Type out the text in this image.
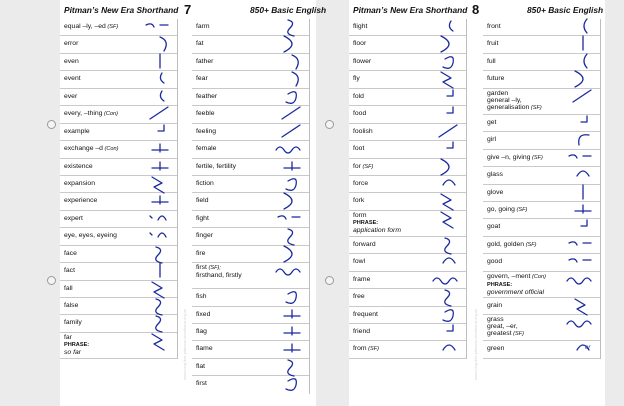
Pitman’s New Era Shorthand 7	850+ Basic English
equal –ly, –ed (SF)
error
even
event
ever
every, –thing (Con)
example
exchange –d (Con)
existence
expansion
experience
expert
eye, eyes, eyeing
face
fact
fall
false
family
far
PHRASE:
so far
farm
fat
father
fear
feather
feeble
feeling
female
fertile, fertility
fiction
field
fight
finger
fire
first (SF);
firsthand, firstly
fish
fixed
flag
flame
flat
first
www.long-live-pitmans-shorthand.org.uk
Pitman’s New Era Shorthand 8	850+ Basic English
flight
floor
flower
fly
fold
food
foolish
foot
for (SF)
force
fork
form
PHRASE:
application form
forward
fowl
frame
free
frequent
friend
from (SF)
front
fruit
full
future
garden
general –ly,
generalisation (SF)
get
girl
give –n, giving (SF)
glass
glove
go, going (SF)
goat
gold, golden (SF)
good
govern, –ment (Con)
PHRASE:
government official
grain
grass
great, –er,
greatest (SF)
green
www.long-live-pitmans-shorthand.org.uk	or
